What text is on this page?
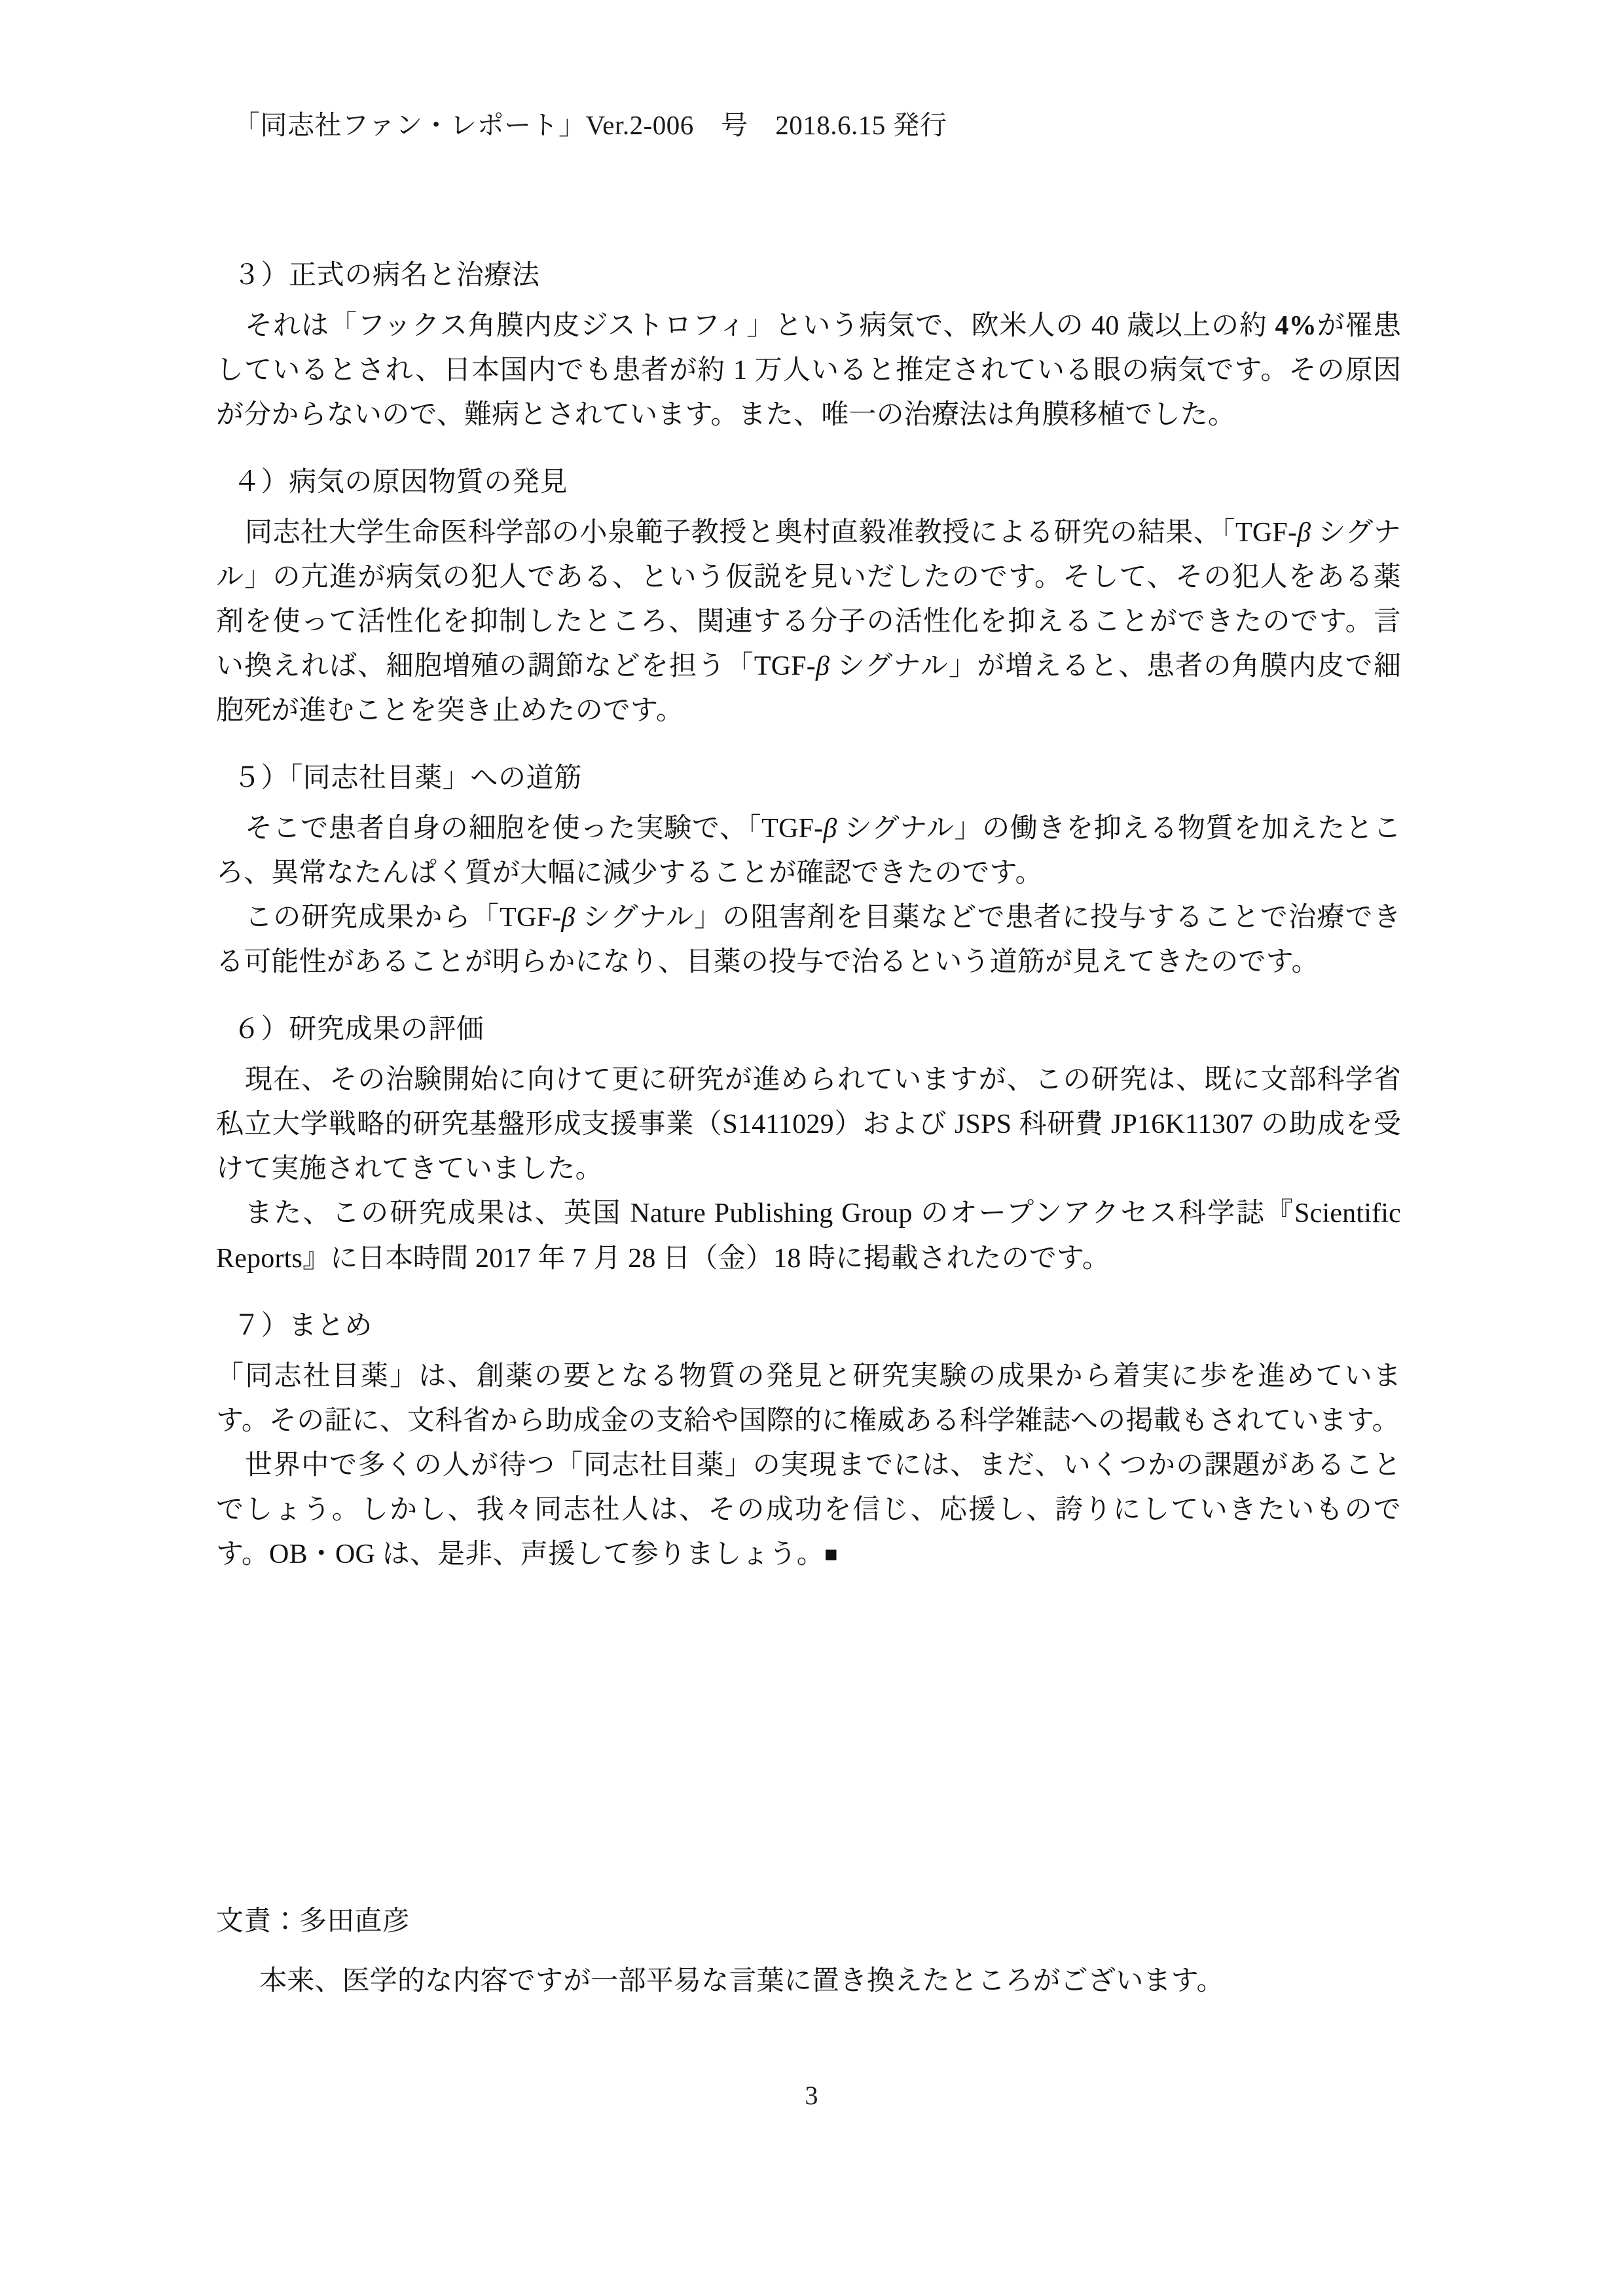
「同志社ファン・レポート」Ver.2-006　号　2018.6.15 発行
３）正式の病名と治療法

それは「フックス角膜内皮ジストロフィ」という病気で、欧米人の 40 歳以上の約 4%が罹患しているとされ、日本国内でも患者が約 1 万人いると推定されている眼の病気です。その原因が分からないので、難病とされています。また、唯一の治療法は角膜移植でした。

４）病気の原因物質の発見

同志社大学生命医科学部の小泉範子教授と奥村直毅准教授による研究の結果、「TGF-β シグナル」の亢進が病気の犯人である、という仮説を見いだしたのです。そして、その犯人をある薬剤を使って活性化を抑制したところ、関連する分子の活性化を抑えることができたのです。言い換えれば、細胞増殖の調節などを担う「TGF-β シグナル」が増えると、患者の角膜内皮で細胞死が進むことを突き止めたのです。

５）「同志社目薬」への道筋

そこで患者自身の細胞を使った実験で、「TGF-β シグナル」の働きを抑える物質を加えたところ、異常なたんぱく質が大幅に減少することが確認できたのです。

この研究成果から「TGF-β シグナル」の阻害剤を目薬などで患者に投与することで治療できる可能性があることが明らかになり、目薬の投与で治るという道筋が見えてきたのです。

６）研究成果の評価

現在、その治験開始に向けて更に研究が進められていますが、この研究は、既に文部科学省私立大学戦略的研究基盤形成支援事業（S1411029）および JSPS 科研費 JP16K11307 の助成を受けて実施されてきていました。

また、この研究成果は、英国 Nature Publishing Group のオープンアクセス科学誌『Scientific Reports』に日本時間 2017 年 7 月 28 日（金）18 時に掲載されたのです。

７）まとめ

「同志社目薬」は、創薬の要となる物質の発見と研究実験の成果から着実に歩を進めています。その証に、文科省から助成金の支給や国際的に権威ある科学雑誌への掲載もされています。

世界中で多くの人が待つ「同志社目薬」の実現までには、まだ、いくつかの課題があることでしょう。しかし、我々同志社人は、その成功を信じ、応援し、誇りにしていきたいものです。OB・OG は、是非、声援して参りましょう。■

文責：多田直彦

本来、医学的な内容ですが一部平易な言葉に置き換えたところがございます。

3
